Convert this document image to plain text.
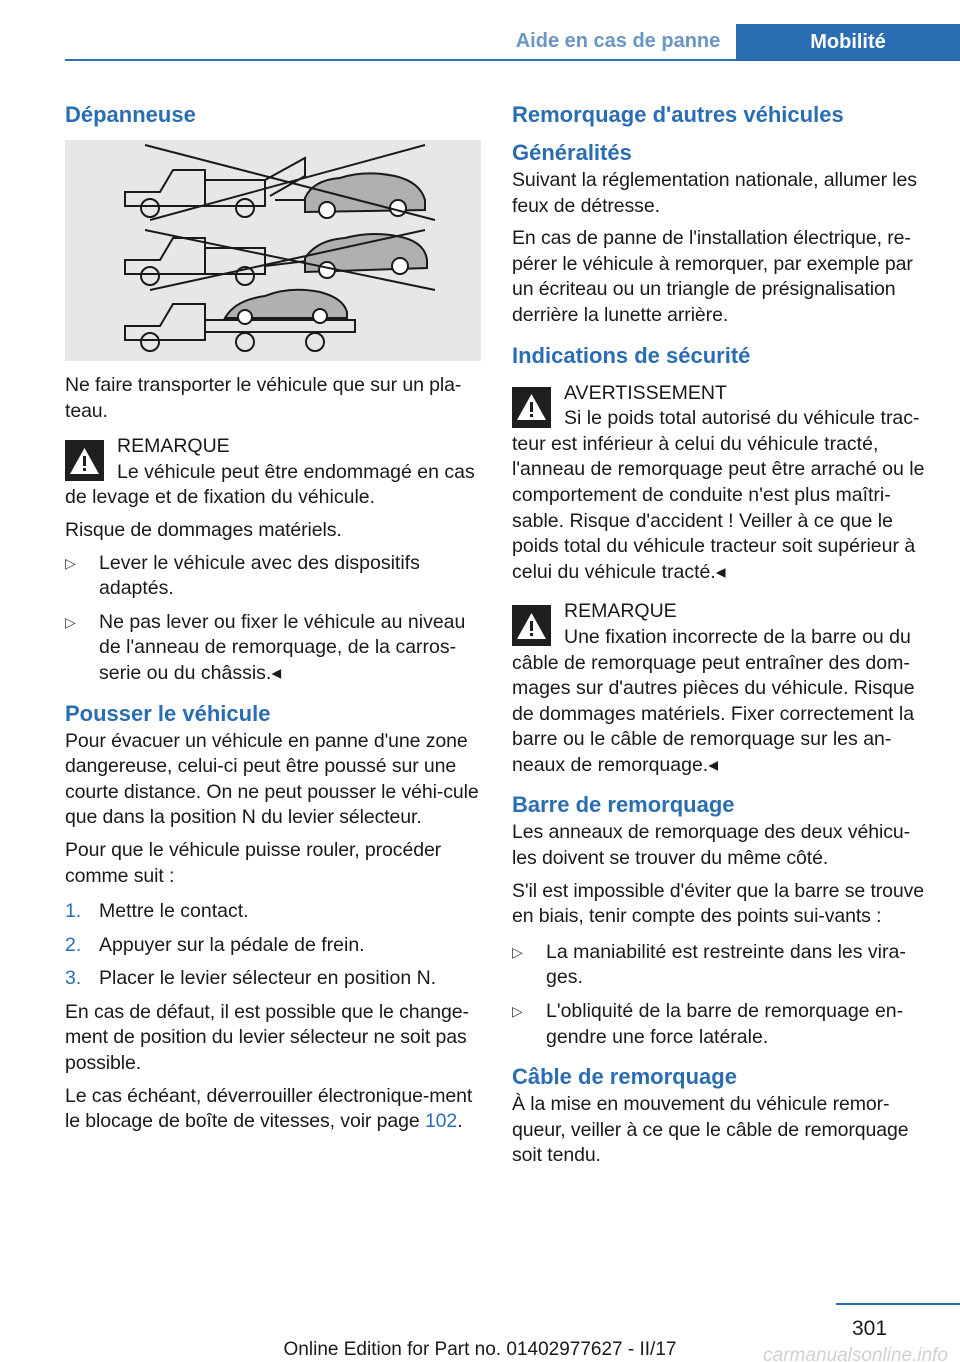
Aide en cas de panne	Mobilité
Dépanneuse

Ne faire transporter le véhicule que sur un pla-teau.

REMARQUE
Le véhicule peut être endommagé en cas
de levage et de fixation du véhicule.

Risque de dommages matériels.

▷ Lever le véhicule avec des dispositifs adaptés.
▷ Ne pas lever ou fixer le véhicule au niveau de l'anneau de remorquage, de la carros-serie ou du châssis.◂
Pousser le véhicule

Pour évacuer un véhicule en panne d'une zone dangereuse, celui-ci peut être poussé sur une courte distance. On ne peut pousser le véhi-cule que dans la position N du levier sélecteur.

Pour que le véhicule puisse rouler, procéder comme suit :

1. Mettre le contact.
2. Appuyer sur la pédale de frein.
3. Placer le levier sélecteur en position N.

En cas de défaut, il est possible que le change-ment de position du levier sélecteur ne soit pas possible.

Le cas échéant, déverrouiller électronique-ment le blocage de boîte de vitesses, voir page 102.

Remorquage d'autres véhicules
Généralités

Suivant la réglementation nationale, allumer les feux de détresse.

En cas de panne de l'installation électrique, re-pérer le véhicule à remorquer, par exemple par un écriteau ou un triangle de présignalisation derrière la lunette arrière.

Indications de sécurité
AVERTISSEMENT
Si le poids total autorisé du véhicule trac-
teur est inférieur à celui du véhicule tracté, l'anneau de remorquage peut être arraché ou le comportement de conduite n'est plus maîtri-sable. Risque d'accident ! Veiller à ce que le poids total du véhicule tracteur soit supérieur à celui du véhicule tracté.◂
REMARQUE
Une fixation incorrecte de la barre ou du
câble de remorquage peut entraîner des dom-mages sur d'autres pièces du véhicule. Risque de dommages matériels. Fixer correctement la barre ou le câble de remorquage sur les an-neaux de remorquage.◂
Barre de remorquage

Les anneaux de remorquage des deux véhicu-les doivent se trouver du même côté.

S'il est impossible d'éviter que la barre se trouve en biais, tenir compte des points sui-vants :

▷ La maniabilité est restreinte dans les vira-ges.
▷ L'obliquité de la barre de remorquage en-gendre une force latérale.
Câble de remorquage

À la mise en mouvement du véhicule remor-queur, veiller à ce que le câble de remorquage soit tendu.

301
Online Edition for Part no. 01402977627 - II/17	carmanualsonline.info
